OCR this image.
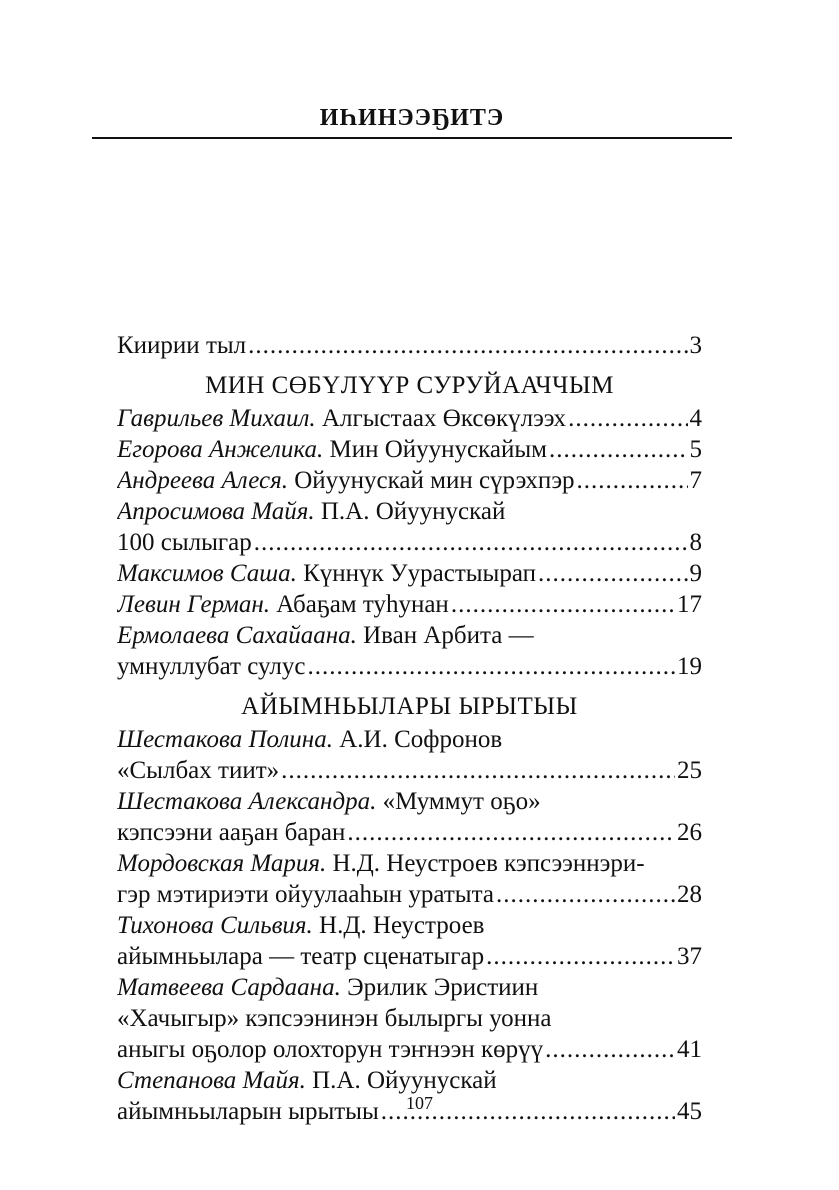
ИҺИНЭЭҔИТЭ
Киирии тыл .....	3
МИН СӨБҮЛҮҮР СУРУЙААЧЧЫМ
Гаврильев Михаил.
Алгыстаах Өксөкүлээх .....	4
Егорова Анжелика.
Мин Ойуунускайым .....	5
Андреева Алеся.
Ойуунускай мин сүрэхпэр .....	7
Апросимова Майя.
П.А. Ойуунускай
100 сылыгар .....	8
Максимов Саша.
Күннүк Уурастыырап .....	9
Левин Герман.
Абаҕам туһунан .....	17
Ермолаева Сахайаана.
Иван Арбита —
умнуллубат сулус .....	19
АЙЫМНЬЫЛАРЫ ЫРЫТЫЫ
Шестакова Полина.
А.И. Софронов
«Сылбах тиит» .....	25
Шестакова Александра.
«Муммут оҕо»
кэпсээни ааҕан баран .....	26
Мордовская Мария.
Н.Д. Неустроев кэпсээннэри-
гэр мэтириэти ойуулааһын уратыта .....	28
Тихонова Сильвия.
Н.Д. Неустроев
айымньылара — театр сценатыгар .....	37
Матвеева Сардаана.
Эрилик Эристиин
«Хачыгыр» кэпсээнинэн былыргы уонна
аныгы оҕолор олохторун тэҥнээн көрүү .....	41
Степанова Майя.
П.А. Ойуунускай
айымньыларын ырытыы .....	45
107
